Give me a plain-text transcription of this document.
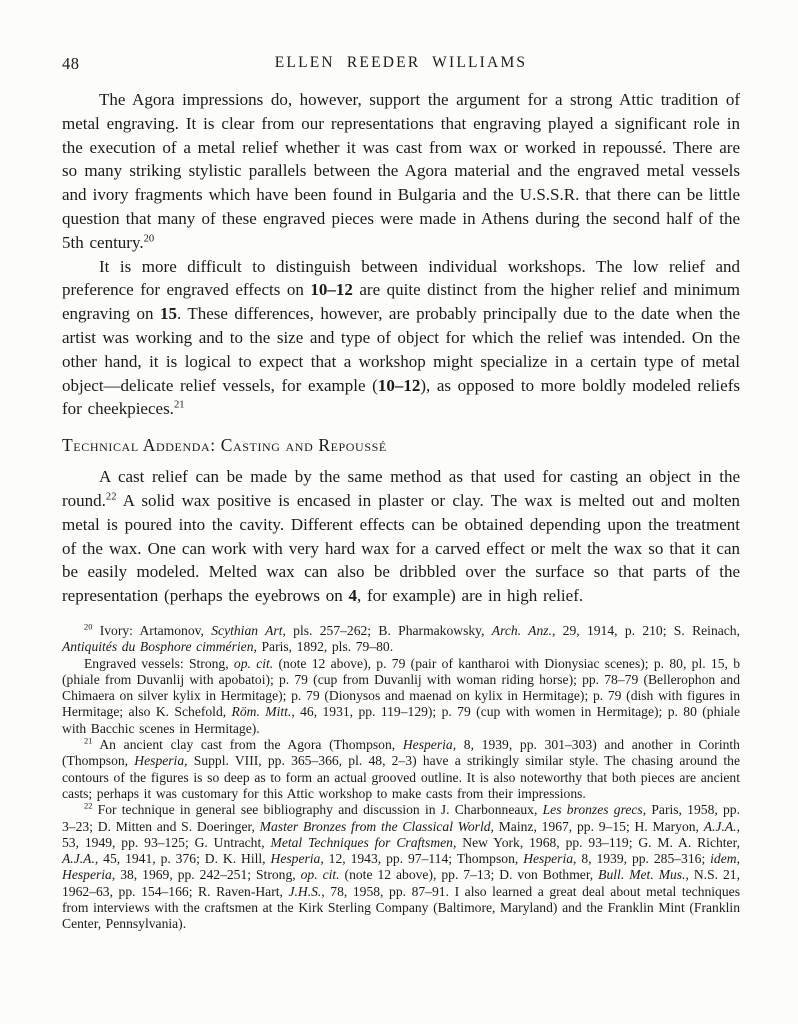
48	ELLEN REEDER WILLIAMS

The Agora impressions do, however, support the argument for a strong Attic tradition of metal engraving. It is clear from our representations that engraving played a significant role in the execution of a metal relief whether it was cast from wax or worked in repoussé. There are so many striking stylistic parallels between the Agora material and the engraved metal vessels and ivory fragments which have been found in Bulgaria and the U.S.S.R. that there can be little question that many of these engraved pieces were made in Athens during the second half of the 5th century.$^{20}$

It is more difficult to distinguish between individual workshops. The low relief and preference for engraved effects on 10–12 are quite distinct from the higher relief and minimum engraving on 15. These differences, however, are probably principally due to the date when the artist was working and to the size and type of object for which the relief was intended. On the other hand, it is logical to expect that a workshop might specialize in a certain type of metal object—delicate relief vessels, for example (10–12), as opposed to more boldly modeled reliefs for cheekpieces.$^{21}$

Technical Addenda: Casting and Repoussé

A cast relief can be made by the same method as that used for casting an object in the round.$^{22}$ A solid wax positive is encased in plaster or clay. The wax is melted out and molten metal is poured into the cavity. Different effects can be obtained depending upon the treatment of the wax. One can work with very hard wax for a carved effect or melt the wax so that it can be easily modeled. Melted wax can also be dribbled over the surface so that parts of the representation (perhaps the eyebrows on 4, for example) are in high relief.

$^{20}$ Ivory: Artamonov, Scythian Art, pls. 257–262; B. Pharmakowsky, Arch. Anz., 29, 1914, p. 210; S. Reinach, Antiquités du Bosphore cimmérien, Paris, 1892, pls. 79–80.

Engraved vessels: Strong, op. cit. (note 12 above), p. 79 (pair of kantharoi with Dionysiac scenes); p. 80, pl. 15, b (phiale from Duvanlij with apobatoi); p. 79 (cup from Duvanlij with woman riding horse); pp. 78–79 (Bellerophon and Chimaera on silver kylix in Hermitage); p. 79 (Dionysos and maenad on kylix in Hermitage); p. 79 (dish with figures in Hermitage; also K. Schefold, Röm. Mitt., 46, 1931, pp. 119–129); p. 79 (cup with women in Hermitage); p. 80 (phiale with Bacchic scenes in Hermitage).

$^{21}$ An ancient clay cast from the Agora (Thompson, Hesperia, 8, 1939, pp. 301–303) and another in Corinth (Thompson, Hesperia, Suppl. VIII, pp. 365–366, pl. 48, 2–3) have a strikingly similar style. The chasing around the contours of the figures is so deep as to form an actual grooved outline. It is also noteworthy that both pieces are ancient casts; perhaps it was customary for this Attic workshop to make casts from their impressions.

$^{22}$ For technique in general see bibliography and discussion in J. Charbonneaux, Les bronzes grecs, Paris, 1958, pp. 3–23; D. Mitten and S. Doeringer, Master Bronzes from the Classical World, Mainz, 1967, pp. 9–15; H. Maryon, A.J.A., 53, 1949, pp. 93–125; G. Untracht, Metal Techniques for Craftsmen, New York, 1968, pp. 93–119; G. M. A. Richter, A.J.A., 45, 1941, p. 376; D. K. Hill, Hesperia, 12, 1943, pp. 97–114; Thompson, Hesperia, 8, 1939, pp. 285–316; idem, Hesperia, 38, 1969, pp. 242–251; Strong, op. cit. (note 12 above), pp. 7–13; D. von Bothmer, Bull. Met. Mus., N.S. 21, 1962–63, pp. 154–166; R. Raven-Hart, J.H.S., 78, 1958, pp. 87–91. I also learned a great deal about metal techniques from interviews with the craftsmen at the Kirk Sterling Company (Baltimore, Maryland) and the Franklin Mint (Franklin Center, Pennsylvania).
